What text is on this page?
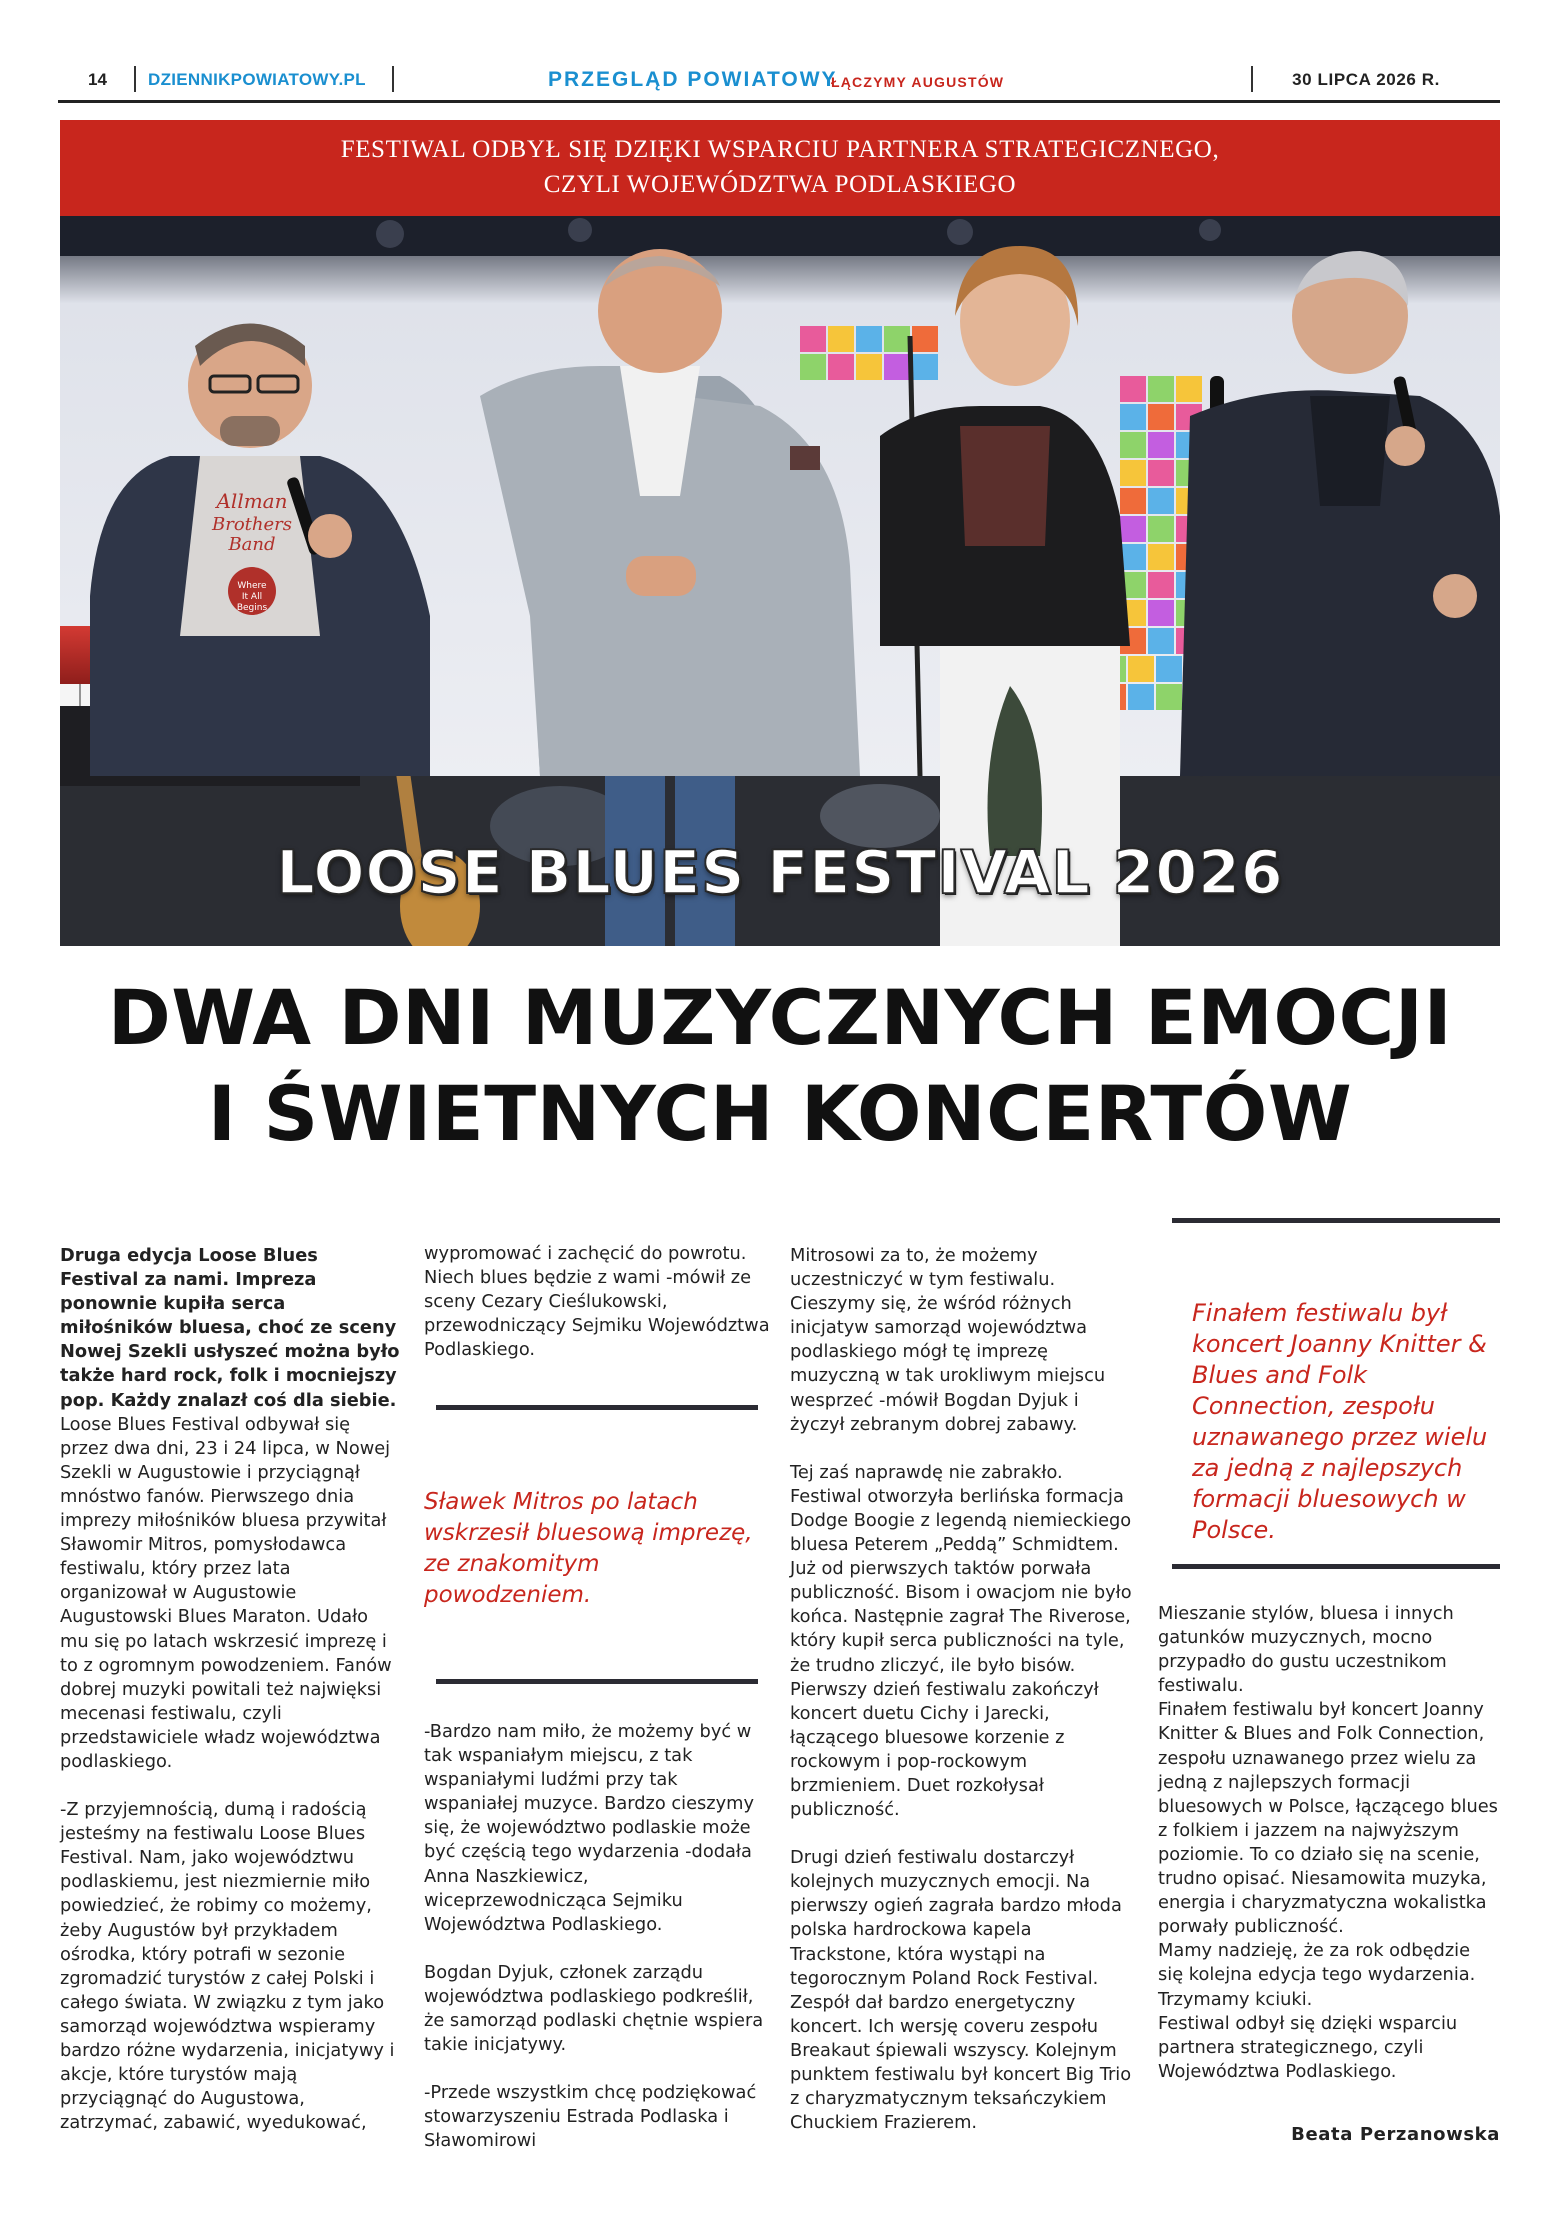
14 DZIENNIKPOWIATOWY.PL	PRZEGLĄD POWIATOWY
ŁĄCZYMY AUGUSTÓW	30 LIPCA 2026 R.
FESTIWAL ODBYŁ SIĘ DZIĘKI WSPARCIU PARTNERA STRATEGICZNEGO,
CZYLI WOJEWÓDZTWA PODLASKIEGO
Allman
Brothers
Band
Where
It All
Begins
LOOSE BLUES FESTIVAL 2026
DWA DNI MUZYCZNYCH EMOCJI
I ŚWIETNYCH KONCERTÓW

Druga edycja Loose Blues Festival za nami. Impreza ponownie kupiła serca miłośników bluesa, choć ze sceny Nowej Szekli usłyszeć można było także hard rock, folk i mocniejszy pop. Każdy znalazł coś dla siebie.

Loose Blues Festival odbywał się przez dwa dni, 23 i 24 lipca, w Nowej Szekli w Augustowie i przyciągnął mnóstwo fanów. Pierwszego dnia imprezy miłośników bluesa przywitał Sławomir Mitros, pomysłodawca festiwalu, który przez lata organizował w Augustowie Augustowski Blues Maraton. Udało mu się po latach wskrzesić imprezę i to z ogromnym powodzeniem. Fanów dobrej muzyki powitali też najwięksi mecenasi festiwalu, czyli przedstawiciele władz województwa podlaskiego.

-Z przyjemnością, dumą i radością jesteśmy na festiwalu Loose Blues Festival. Nam, jako województwu podlaskiemu, jest niezmiernie miło powiedzieć, że robimy co możemy, żeby Augustów był przykładem ośrodka, który potrafi w sezonie zgromadzić turystów z całej Polski i całego świata. W związku z tym jako samorząd województwa wspieramy bardzo różne wydarzenia, inicjatywy i akcje, które turystów mają przyciągnąć do Augustowa, zatrzymać, zabawić, wyedukować,

wypromować i zachęcić do powrotu. Niech blues będzie z wami -mówił ze sceny Cezary Cieślukowski, przewodniczący Sejmiku Województwa Podlaskiego.

Sławek Mitros po latach wskrzesił bluesową imprezę, ze znakomitym powodzeniem.

-Bardzo nam miło, że możemy być w tak wspaniałym miejscu, z tak wspaniałymi ludźmi przy tak wspaniałej muzyce. Bardzo cieszymy się, że województwo podlaskie może być częścią tego wydarzenia -dodała Anna Naszkiewicz, wiceprzewodnicząca Sejmiku Województwa Podlaskiego.

Bogdan Dyjuk, członek zarządu województwa podlaskiego podkreślił, że samorząd podlaski chętnie wspiera takie inicjatywy.

-Przede wszystkim chcę podziękować stowarzyszeniu Estrada Podlaska i Sławomirowi

Mitrosowi za to, że możemy uczestniczyć w tym festiwalu. Cieszymy się, że wśród różnych inicjatyw samorząd województwa podlaskiego mógł tę imprezę muzyczną w tak urokliwym miejscu wesprzeć -mówił Bogdan Dyjuk i życzył zebranym dobrej zabawy.

Tej zaś naprawdę nie zabrakło. Festiwal otworzyła berlińska formacja Dodge Boogie z legendą niemieckiego bluesa Peterem „Peddą” Schmidtem. Już od pierwszych taktów porwała publiczność. Bisom i owacjom nie było końca. Następnie zagrał The Riverose, który kupił serca publiczności na tyle, że trudno zliczyć, ile było bisów. Pierwszy dzień festiwalu zakończył koncert duetu Cichy i Jarecki, łączącego bluesowe korzenie z rockowym i pop-rockowym brzmieniem. Duet rozkołysał publiczność.

Drugi dzień festiwalu dostarczył kolejnych muzycznych emocji. Na pierwszy ogień zagrała bardzo młoda polska hardrockowa kapela Trackstone, która wystąpi na tegorocznym Poland Rock Festival. Zespół dał bardzo energetyczny koncert. Ich wersję coveru zespołu Breakaut śpiewali wszyscy. Kolejnym punktem festiwalu był koncert Big Trio z charyzmatycznym teksańczykiem Chuckiem Frazierem.

Finałem festiwalu był koncert Joanny Knitter & Blues and Folk Connection, zespołu uznawanego przez wielu za jedną z najlepszych formacji bluesowych w Polsce.

Mieszanie stylów, bluesa i innych gatunków muzycznych, mocno przypadło do gustu uczestnikom festiwalu.

Finałem festiwalu był koncert Joanny Knitter & Blues and Folk Connection, zespołu uznawanego przez wielu za jedną z najlepszych formacji bluesowych w Polsce, łączącego blues z folkiem i jazzem na najwyższym poziomie. To co działo się na scenie, trudno opisać. Niesamowita muzyka, energia i charyzmatyczna wokalistka porwały publiczność.

Mamy nadzieję, że za rok odbędzie się kolejna edycja tego wydarzenia. Trzymamy kciuki.

Festiwal odbył się dzięki wsparciu partnera strategicznego, czyli Województwa Podlaskiego.

Beata Perzanowska
